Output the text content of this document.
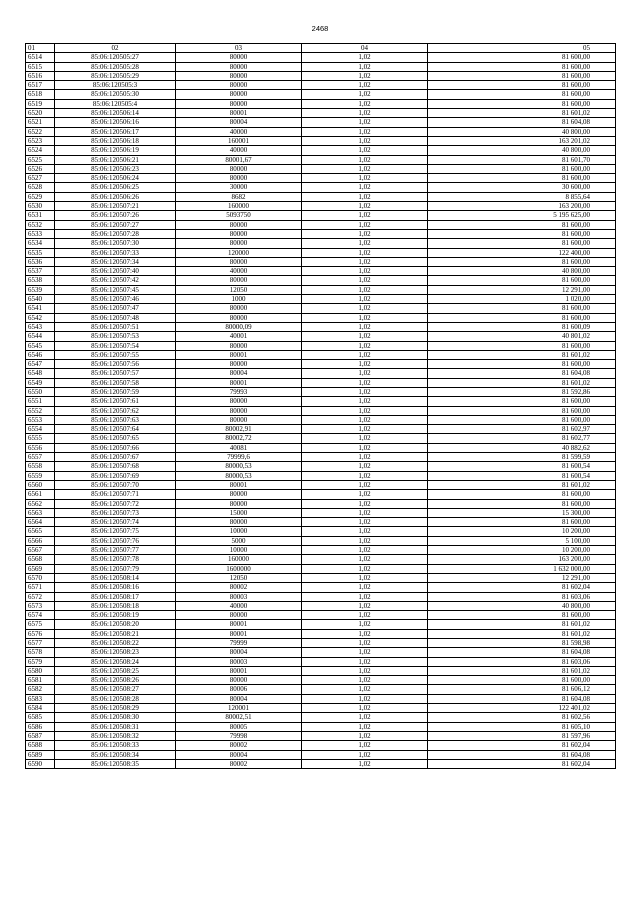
2468
01	02	03	04	05
6514	85:06:120505:27	80000	1,02	81 600,00
6515	85:06:120505:28	80000	1,02	81 600,00
6516	85:06:120505:29	80000	1,02	81 600,00
6517	85:06:120505:3	80000	1,02	81 600,00
6518	85:06:120505:30	80000	1,02	81 600,00
6519	85:06:120505:4	80000	1,02	81 600,00
6520	85:06:120506:14	80001	1,02	81 601,02
6521	85:06:120506:16	80004	1,02	81 604,08
6522	85:06:120506:17	40000	1,02	40 800,00
6523	85:06:120506:18	160001	1,02	163 201,02
6524	85:06:120506:19	40000	1,02	40 800,00
6525	85:06:120506:21	80001,67	1,02	81 601,70
6526	85:06:120506:23	80000	1,02	81 600,00
6527	85:06:120506:24	80000	1,02	81 600,00
6528	85:06:120506:25	30000	1,02	30 600,00
6529	85:06:120506:26	8682	1,02	8 855,64
6530	85:06:120507:21	160000	1,02	163 200,00
6531	85:06:120507:26	5093750	1,02	5 195 625,00
6532	85:06:120507:27	80000	1,02	81 600,00
6533	85:06:120507:28	80000	1,02	81 600,00
6534	85:06:120507:30	80000	1,02	81 600,00
6535	85:06:120507:33	120000	1,02	122 400,00
6536	85:06:120507:34	80000	1,02	81 600,00
6537	85:06:120507:40	40000	1,02	40 800,00
6538	85:06:120507:42	80000	1,02	81 600,00
6539	85:06:120507:45	12050	1,02	12 291,00
6540	85:06:120507:46	1000	1,02	1 020,00
6541	85:06:120507:47	80000	1,02	81 600,00
6542	85:06:120507:48	80000	1,02	81 600,00
6543	85:06:120507:51	80000,09	1,02	81 600,09
6544	85:06:120507:53	40001	1,02	40 801,02
6545	85:06:120507:54	80000	1,02	81 600,00
6546	85:06:120507:55	80001	1,02	81 601,02
6547	85:06:120507:56	80000	1,02	81 600,00
6548	85:06:120507:57	80004	1,02	81 604,08
6549	85:06:120507:58	80001	1,02	81 601,02
6550	85:06:120507:59	79993	1,02	81 592,86
6551	85:06:120507:61	80000	1,02	81 600,00
6552	85:06:120507:62	80000	1,02	81 600,00
6553	85:06:120507:63	80000	1,02	81 600,00
6554	85:06:120507:64	80002,91	1,02	81 602,97
6555	85:06:120507:65	80002,72	1,02	81 602,77
6556	85:06:120507:66	40081	1,02	40 882,62
6557	85:06:120507:67	79999,6	1,02	81 599,59
6558	85:06:120507:68	80000,53	1,02	81 600,54
6559	85:06:120507:69	80000,53	1,02	81 600,54
6560	85:06:120507:70	80001	1,02	81 601,02
6561	85:06:120507:71	80000	1,02	81 600,00
6562	85:06:120507:72	80000	1,02	81 600,00
6563	85:06:120507:73	15000	1,02	15 300,00
6564	85:06:120507:74	80000	1,02	81 600,00
6565	85:06:120507:75	10000	1,02	10 200,00
6566	85:06:120507:76	5000	1,02	5 100,00
6567	85:06:120507:77	10000	1,02	10 200,00
6568	85:06:120507:78	160000	1,02	163 200,00
6569	85:06:120507:79	1600000	1,02	1 632 000,00
6570	85:06:120508:14	12050	1,02	12 291,00
6571	85:06:120508:16	80002	1,02	81 602,04
6572	85:06:120508:17	80003	1,02	81 603,06
6573	85:06:120508:18	40000	1,02	40 800,00
6574	85:06:120508:19	80000	1,02	81 600,00
6575	85:06:120508:20	80001	1,02	81 601,02
6576	85:06:120508:21	80001	1,02	81 601,02
6577	85:06:120508:22	79999	1,02	81 598,98
6578	85:06:120508:23	80004	1,02	81 604,08
6579	85:06:120508:24	80003	1,02	81 603,06
6580	85:06:120508:25	80001	1,02	81 601,02
6581	85:06:120508:26	80000	1,02	81 600,00
6582	85:06:120508:27	80006	1,02	81 606,12
6583	85:06:120508:28	80004	1,02	81 604,08
6584	85:06:120508:29	120001	1,02	122 401,02
6585	85:06:120508:30	80002,51	1,02	81 602,56
6586	85:06:120508:31	80005	1,02	81 605,10
6587	85:06:120508:32	79998	1,02	81 597,96
6588	85:06:120508:33	80002	1,02	81 602,04
6589	85:06:120508:34	80004	1,02	81 604,08
6590	85:06:120508:35	80002	1,02	81 602,04
